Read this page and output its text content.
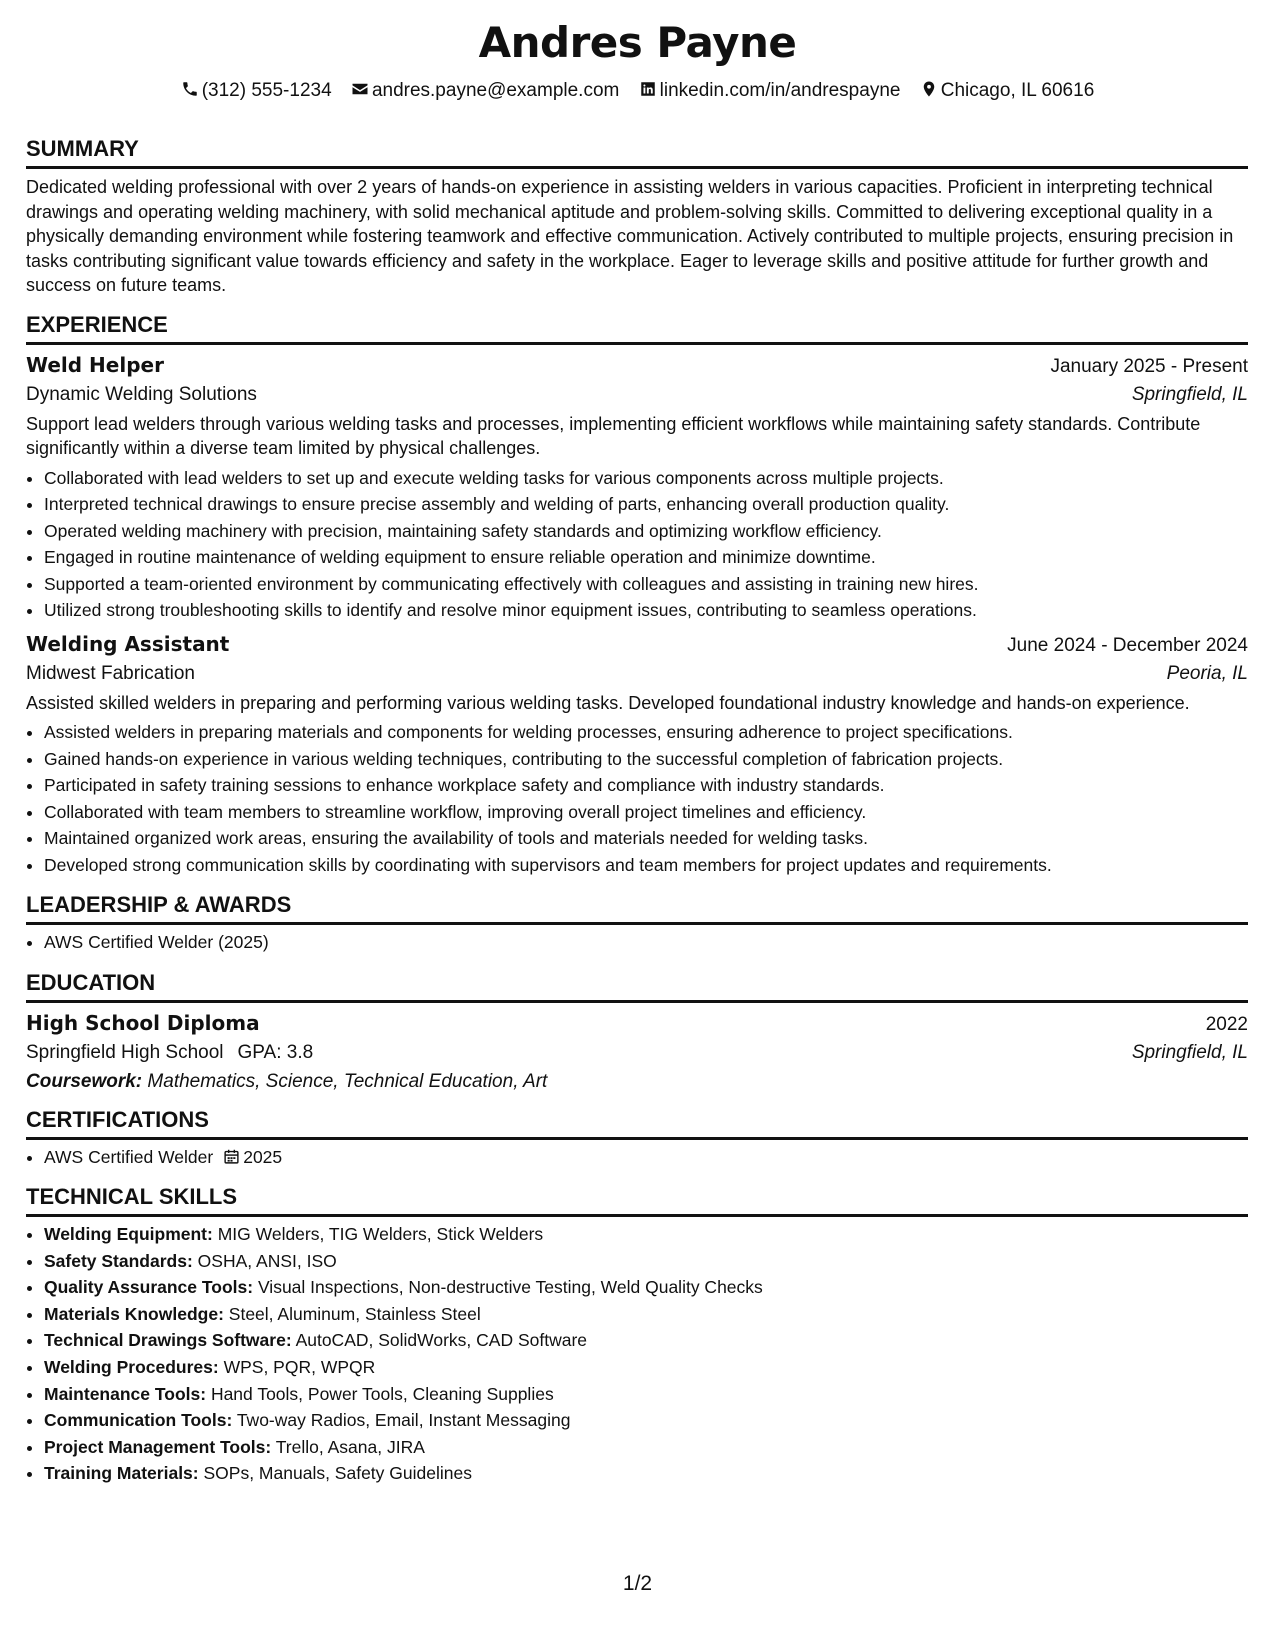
Andres Payne
(312) 555-1234 andres.payne@example.com linkedin.com/in/andrespayne Chicago, IL 60616
SUMMARY

Dedicated welding professional with over 2 years of hands-on experience in assisting welders in various capacities. Proficient in interpreting technical drawings and operating welding machinery, with solid mechanical aptitude and problem-solving skills. Committed to delivering exceptional quality in a physically demanding environment while fostering teamwork and effective communication. Actively contributed to multiple projects, ensuring precision in tasks contributing significant value towards efficiency and safety in the workplace. Eager to leverage skills and positive attitude for further growth and success on future teams.

EXPERIENCE
Weld Helper	January 2025 - Present
Dynamic Welding Solutions	Springfield, IL

Support lead welders through various welding tasks and processes, implementing efficient workflows while maintaining safety standards. Contribute significantly within a diverse team limited by physical challenges.

• Collaborated with lead welders to set up and execute welding tasks for various components across multiple projects.
• Interpreted technical drawings to ensure precise assembly and welding of parts, enhancing overall production quality.
• Operated welding machinery with precision, maintaining safety standards and optimizing workflow efficiency.
• Engaged in routine maintenance of welding equipment to ensure reliable operation and minimize downtime.
• Supported a team-oriented environment by communicating effectively with colleagues and assisting in training new hires.
• Utilized strong troubleshooting skills to identify and resolve minor equipment issues, contributing to seamless operations.
Welding Assistant	June 2024 - December 2024
Midwest Fabrication	Peoria, IL

Assisted skilled welders in preparing and performing various welding tasks. Developed foundational industry knowledge and hands-on experience.

• Assisted welders in preparing materials and components for welding processes, ensuring adherence to project specifications.
• Gained hands-on experience in various welding techniques, contributing to the successful completion of fabrication projects.
• Participated in safety training sessions to enhance workplace safety and compliance with industry standards.
• Collaborated with team members to streamline workflow, improving overall project timelines and efficiency.
• Maintained organized work areas, ensuring the availability of tools and materials needed for welding tasks.
• Developed strong communication skills by coordinating with supervisors and team members for project updates and requirements.
LEADERSHIP & AWARDS
• AWS Certified Welder (2025)
EDUCATION
High School Diploma	2022
Springfield High School GPA: 3.8	Springfield, IL
Coursework: Mathematics, Science, Technical Education, Art
CERTIFICATIONS
• AWS Certified Welder 2025
TECHNICAL SKILLS
• Welding Equipment: MIG Welders, TIG Welders, Stick Welders
• Safety Standards: OSHA, ANSI, ISO
• Quality Assurance Tools: Visual Inspections, Non-destructive Testing, Weld Quality Checks
• Materials Knowledge: Steel, Aluminum, Stainless Steel
• Technical Drawings Software: AutoCAD, SolidWorks, CAD Software
• Welding Procedures: WPS, PQR, WPQR
• Maintenance Tools: Hand Tools, Power Tools, Cleaning Supplies
• Communication Tools: Two-way Radios, Email, Instant Messaging
• Project Management Tools: Trello, Asana, JIRA
• Training Materials: SOPs, Manuals, Safety Guidelines
1/2
